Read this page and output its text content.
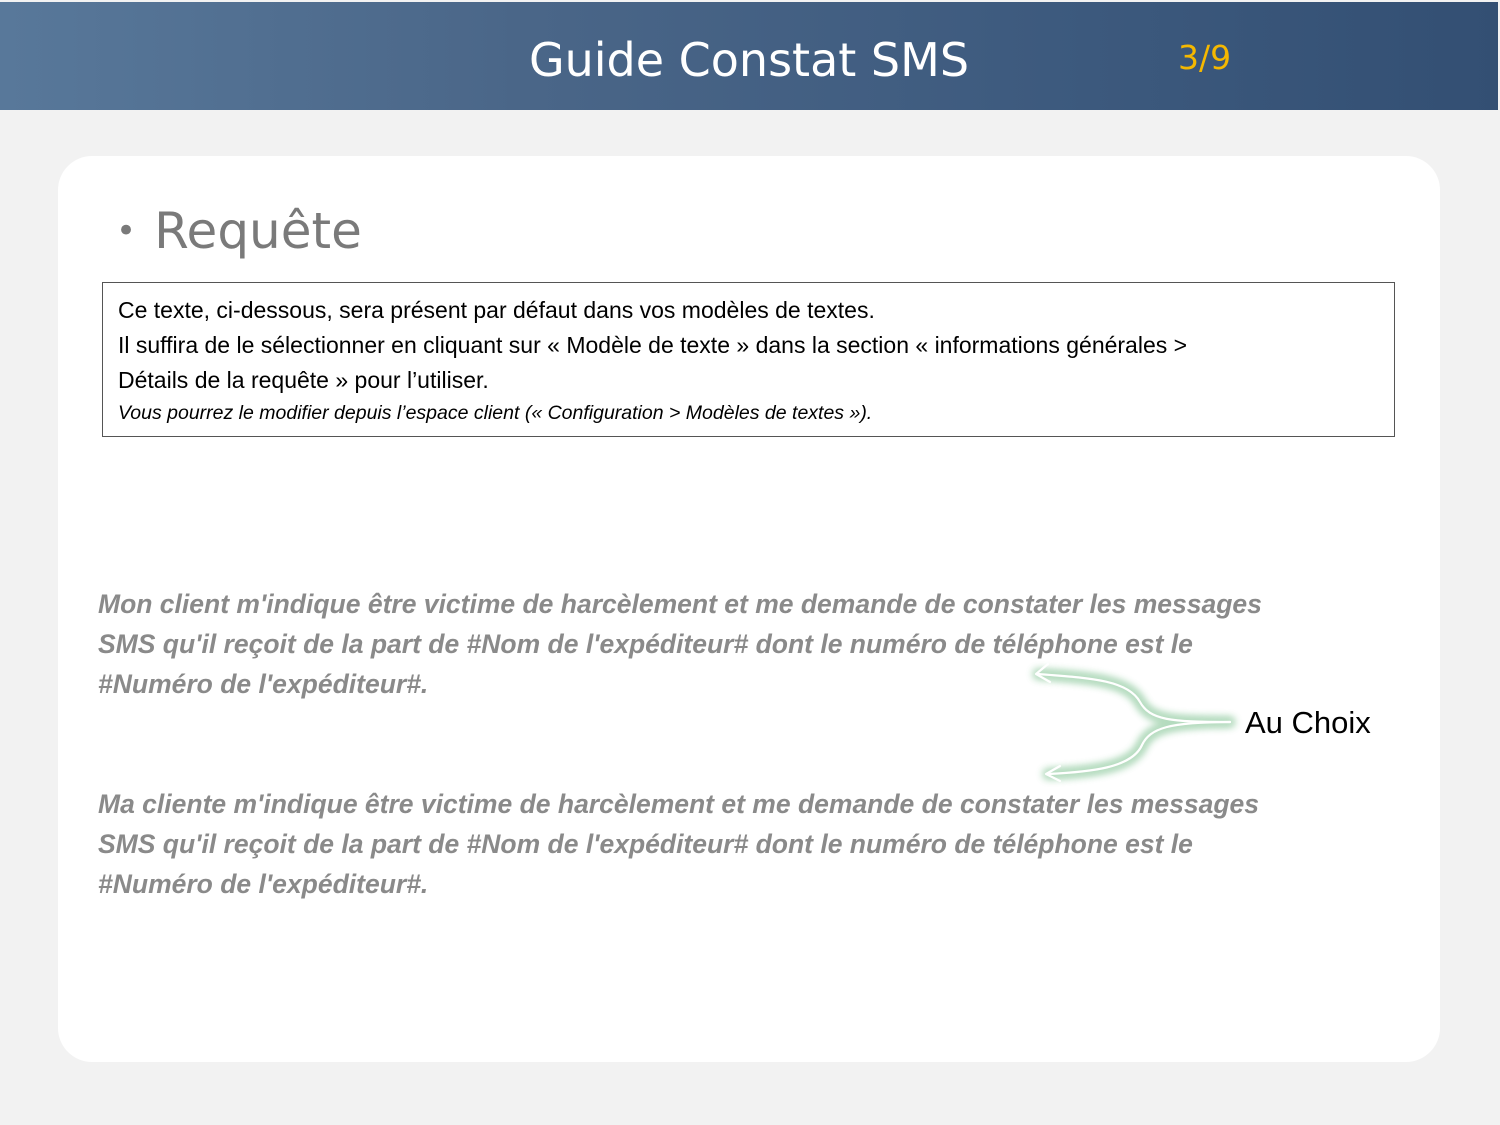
Guide Constat SMS	3/9
• Requête
Ce texte, ci-dessous, sera présent par défaut dans vos modèles de textes.
Il suffira de le sélectionner en cliquant sur « Modèle de texte » dans la section « informations générales >
Détails de la requête » pour l’utiliser.
Vous pourrez le modifier depuis l’espace client (« Configuration > Modèles de textes »).
Mon client m'indique être victime de harcèlement et me demande de constater les messages
SMS qu'il reçoit de la part de #Nom de l'expéditeur# dont le numéro de téléphone est le
#Numéro de l'expéditeur#.
Au Choix
Ma cliente m'indique être victime de harcèlement et me demande de constater les messages
SMS qu'il reçoit de la part de #Nom de l'expéditeur# dont le numéro de téléphone est le
#Numéro de l'expéditeur#.
